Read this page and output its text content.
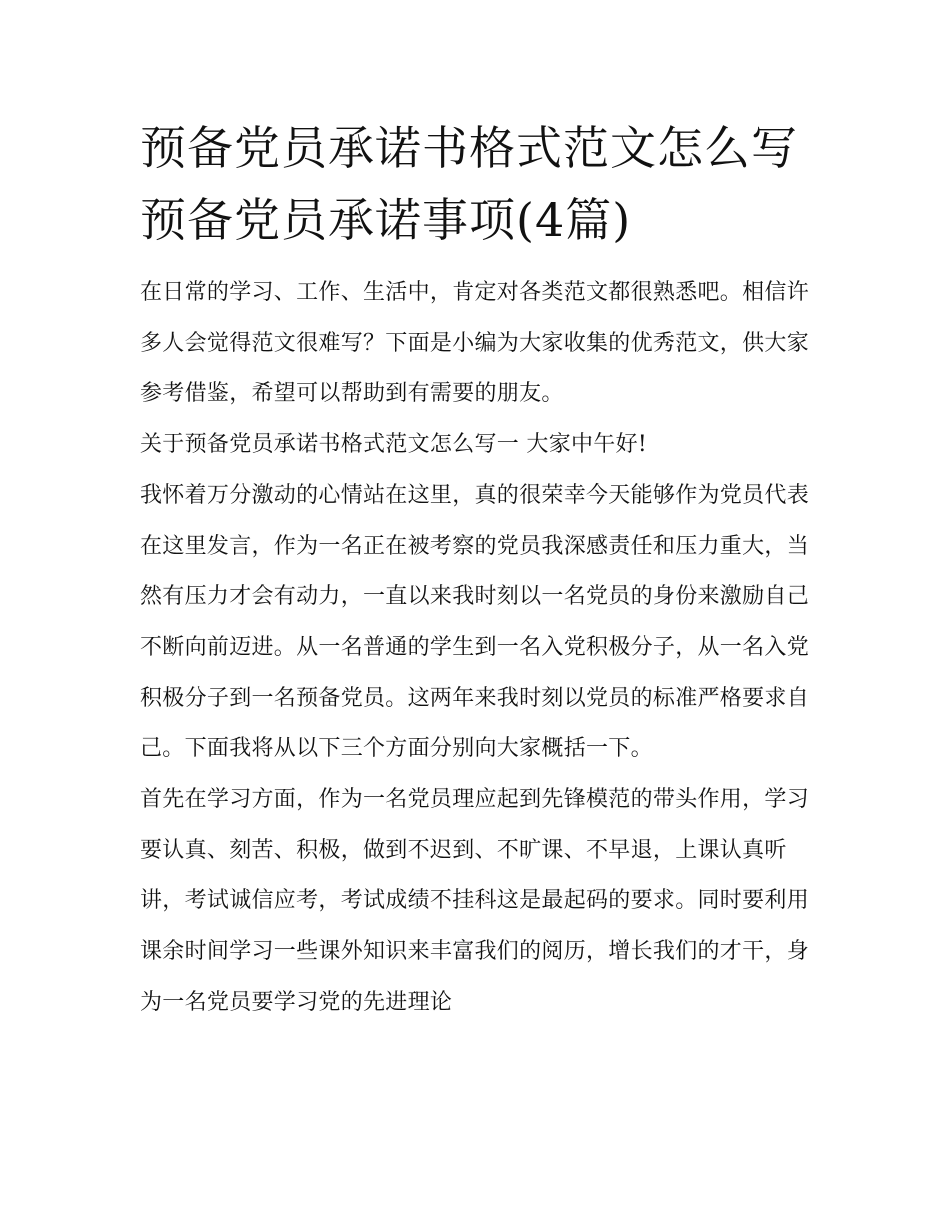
预备党员承诺书格式范文怎么写 预备党员承诺事项(4篇)

在日常的学习、工作、生活中，肯定对各类范文都很熟悉吧。相信许多人会觉得范文很难写？下面是小编为大家收集的优秀范文，供大家参考借鉴，希望可以帮助到有需要的朋友。

关于预备党员承诺书格式范文怎么写一 大家中午好!

我怀着万分激动的心情站在这里，真的很荣幸今天能够作为党员代表在这里发言，作为一名正在被考察的党员我深感责任和压力重大，当然有压力才会有动力，一直以来我时刻以一名党员的身份来激励自己不断向前迈进。从一名普通的学生到一名入党积极分子，从一名入党积极分子到一名预备党员。这两年来我时刻以党员的标准严格要求自己。下面我将从以下三个方面分别向大家概括一下。

首先在学习方面，作为一名党员理应起到先锋模范的带头作用，学习要认真、刻苦、积极，做到不迟到、不旷课、不早退，上课认真听讲，考试诚信应考，考试成绩不挂科这是最起码的要求。同时要利用课余时间学习一些课外知识来丰富我们的阅历，增长我们的才干，身为一名党员要学习党的先进理论
